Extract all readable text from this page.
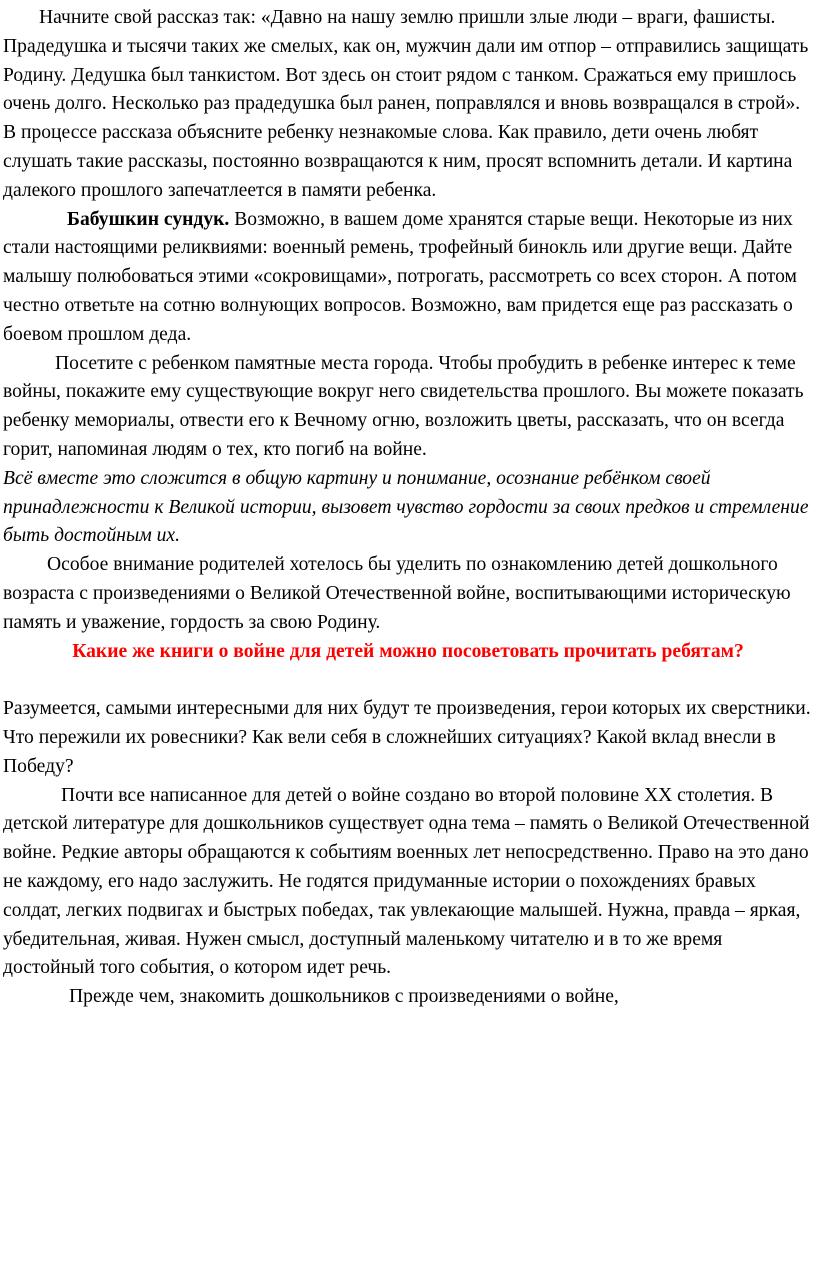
Начните свой рассказ так: «Давно на нашу землю пришли злые люди – враги, фашисты. Прадедушка и тысячи таких же смелых, как он, мужчин дали им отпор – отправились защищать Родину. Дедушка был танкистом. Вот здесь он стоит рядом с танком. Сражаться ему пришлось очень долго. Несколько раз прадедушка был ранен, поправлялся и вновь возвращался в строй». В процессе рассказа объясните ребенку незнакомые слова. Как правило, дети очень любят слушать такие рассказы, постоянно возвращаются к ним, просят вспомнить детали. И картина далекого прошлого запечатлеется в памяти ребенка.

Бабушкин сундук. Возможно, в вашем доме хранятся старые вещи. Некоторые из них стали настоящими реликвиями: военный ремень, трофейный бинокль или другие вещи. Дайте малышу полюбоваться этими «сокровищами», потрогать, рассмотреть со всех сторон. А потом честно ответьте на сотню волнующих вопросов. Возможно, вам придется еще раз рассказать о боевом прошлом деда.

Посетите с ребенком памятные места города. Чтобы пробудить в ребенке интерес к теме войны, покажите ему существующие вокруг него свидетельства прошлого. Вы можете показать ребенку мемориалы, отвести его к Вечному огню, возложить цветы, рассказать, что он всегда горит, напоминая людям о тех, кто погиб на войне.

Всё вместе это сложится в общую картину и понимание, осознание ребёнком своей принадлежности к Великой истории, вызовет чувство гордости за своих предков и стремление быть достойным их.

Особое внимание родителей хотелось бы уделить по ознакомлению детей дошкольного возраста с произведениями о Великой Отечественной войне, воспитывающими историческую память и уважение, гордость за свою Родину.

Какие же книги о войне для детей можно посоветовать прочитать ребятам?

Разумеется, самыми интересными для них будут те произведения, герои которых их сверстники. Что пережили их ровесники? Как вели себя в сложнейших ситуациях? Какой вклад внесли в Победу?

Почти все написанное для детей о войне создано во второй половине ХХ столетия. В детской литературе для дошкольников существует одна тема – память о Великой Отечественной войне. Редкие авторы обращаются к событиям военных лет непосредственно. Право на это дано не каждому, его надо заслужить. Не годятся придуманные истории о похождениях бравых солдат, легких подвигах и быстрых победах, так увлекающие малышей. Нужна, правда – яркая, убедительная, живая. Нужен смысл, доступный маленькому читателю и в то же время достойный того события, о котором идет речь.

Прежде чем, знакомить дошкольников с произведениями о войне,
